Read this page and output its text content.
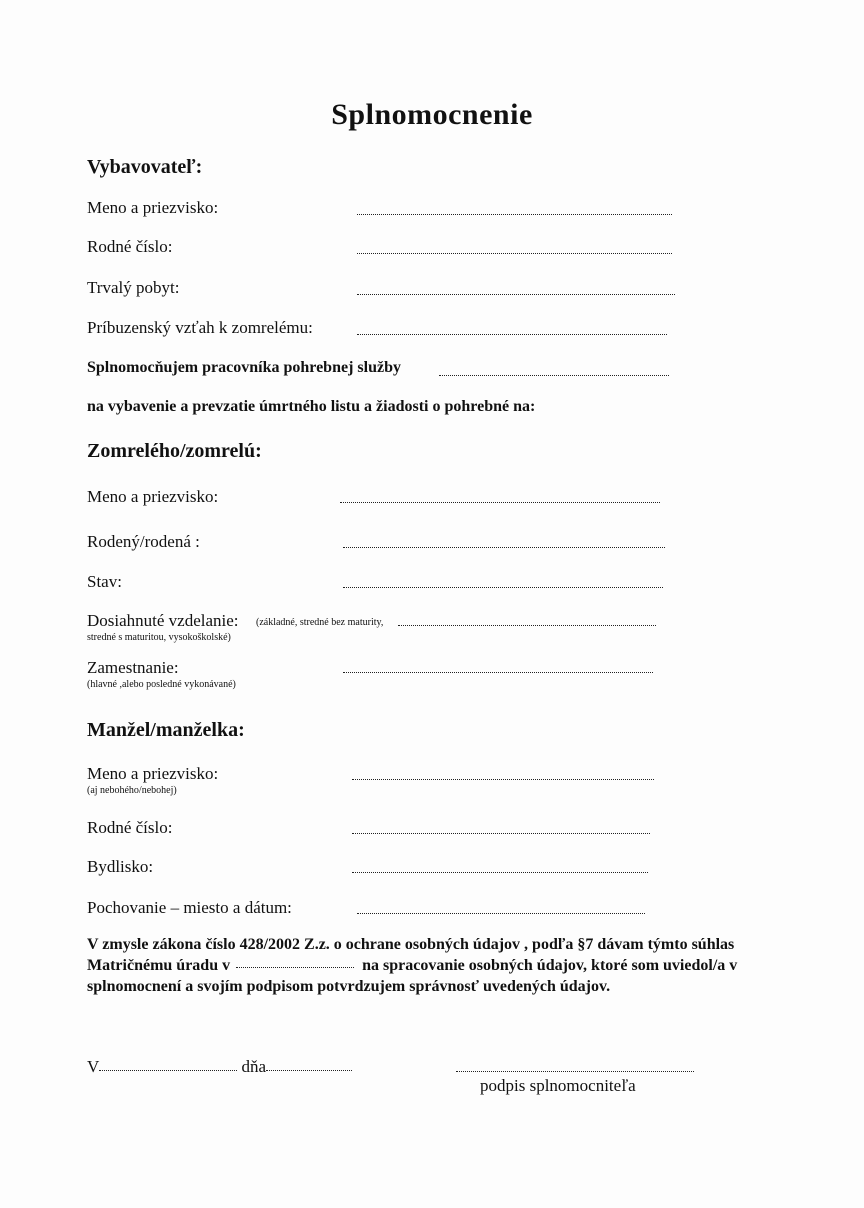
Splnomocnenie
Vybavovateľ:
Meno a priezvisko:
Rodné číslo:
Trvalý pobyt:
Príbuzenský vzťah k zomrelému:
Splnomocňujem pracovníka pohrebnej služby
na vybavenie a prevzatie úmrtného listu a žiadosti o pohrebné na:
Zomrelého/zomrelú:
Meno a priezvisko:
Rodený/rodená :
Stav:
Dosiahnuté vzdelanie: (základné, stredné bez maturity,
stredné s maturitou, vysokoškolské)
Zamestnanie:
(hlavné ,alebo posledné vykonávané)
Manžel/manželka:
Meno a priezvisko:
(aj nebohého/nebohej)
Rodné číslo:
Bydlisko:
Pochovanie – miesto a dátum:
V zmysle zákona číslo 428/2002 Z.z. o ochrane osobných údajov , podľa §7 dávam týmto súhlas Matričnému úradu v	na spracovanie osobných údajov, ktoré som uviedol/a v splnomocnení a svojím podpisom potvrdzujem správnosť uvedených údajov.
V	dňa
podpis splnomocniteľa
